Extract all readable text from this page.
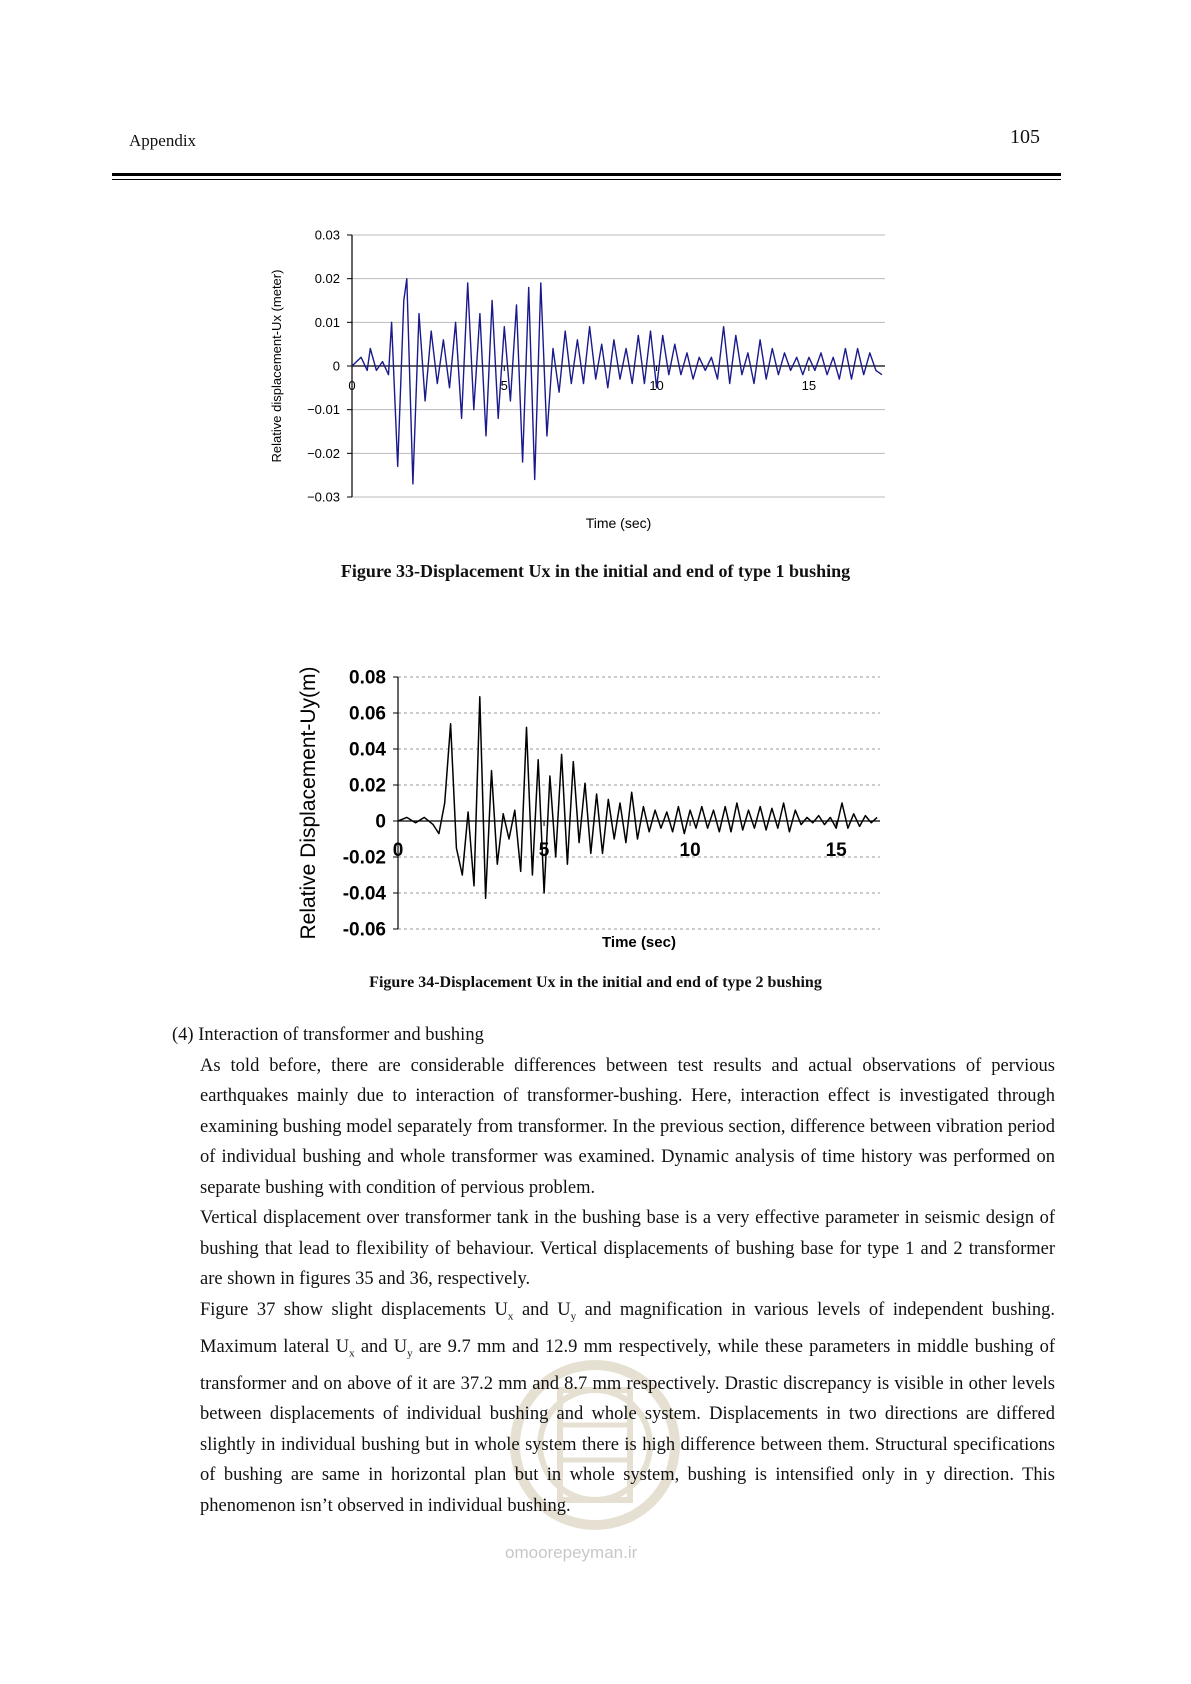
Appendix	105
0.03
0.02
0.01
0
−0.01
−0.02
−0.03
0	5	10	15
Time (sec)
Relative displacement-Ux (meter)
Figure 33-Displacement Ux in the initial and end of type 1 bushing
0.08
0.06
0.04
0.02
0
-0.02
-0.04
-0.06
0	5	10	15
Time (sec)
Relative Displacement-Uy(m)
Figure 34-Displacement Ux in the initial and end of type 2 bushing
omoorepeyman.ir

(4) Interaction of transformer and bushing

As told before, there are considerable differences between test results and actual observations of pervious earthquakes mainly due to interaction of transformer-bushing. Here, interaction effect is investigated through examining bushing model separately from transformer. In the previous section, difference between vibration period of individual bushing and whole transformer was examined. Dynamic analysis of time history was performed on separate bushing with condition of pervious problem.

Vertical displacement over transformer tank in the bushing base is a very effective parameter in seismic design of bushing that lead to flexibility of behaviour. Vertical displacements of bushing base for type 1 and 2 transformer are shown in figures 35 and 36, respectively.

Figure 37 show slight displacements $U_x$ and $U_y$ and magnification in various levels of independent bushing. Maximum lateral $U_x$ and $U_y$ are 9.7 mm and 12.9 mm respectively, while these parameters in middle bushing of transformer and on above of it are 37.2 mm and 8.7 mm respectively. Drastic discrepancy is visible in other levels between displacements of individual bushing and whole system. Displacements in two directions are differed slightly in individual bushing but in whole system there is high difference between them. Structural specifications of bushing are same in horizontal plan but in whole system, bushing is intensified only in y direction. This phenomenon isn’t observed in individual bushing.
